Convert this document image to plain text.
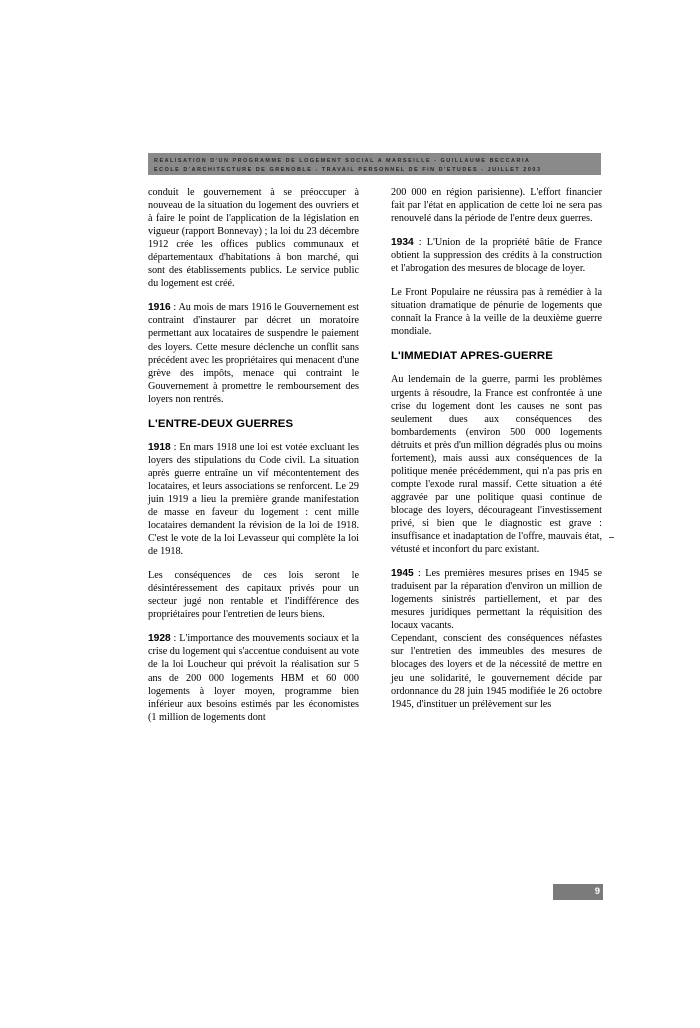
REALISATION D'UN PROGRAMME DE LOGEMENT SOCIAL A MARSEILLE - GUILLAUME BECCARIA
ECOLE D'ARCHITECTURE DE GRENOBLE - TRAVAIL PERSONNEL DE FIN D'ETUDES - JUILLET 2003

conduit le gouvernement à se préoccuper à nouveau de la situation du logement des ouvriers et à faire le point de l'application de la législation en vigueur (rapport Bonnevay) ; la loi du 23 décembre 1912 crée les offices publics communaux et départementaux d'habitations à bon marché, qui sont des établissements publics. Le service public du logement est créé.

1916 : Au mois de mars 1916 le Gouvernement est contraint d'instaurer par décret un moratoire permettant aux locataires de suspendre le paiement des loyers. Cette mesure déclenche un conflit sans précédent avec les propriétaires qui menacent d'une grève des impôts, menace qui contraint le Gouvernement à promettre le remboursement des loyers non rentrés.

L'ENTRE-DEUX GUERRES

1918 : En mars 1918 une loi est votée excluant les loyers des stipulations du Code civil. La situation après guerre entraîne un vif mécontentement des locataires, et leurs associations se renforcent. Le 29 juin 1919 a lieu la première grande manifestation de masse en faveur du logement : cent mille locataires demandent la révision de la loi de 1918. C'est le vote de la loi Levasseur qui complète la loi de 1918.

Les conséquences de ces lois seront le désintéressement des capitaux privés pour un secteur jugé non rentable et l'indifférence des propriétaires pour l'entretien de leurs biens.

1928 : L'importance des mouvements sociaux et la crise du logement qui s'accentue conduisent au vote de la loi Loucheur qui prévoit la réalisation sur 5 ans de 200 000 logements HBM et 60 000 logements à loyer moyen, programme bien inférieur aux besoins estimés par les économistes (1 million de logements dont

200 000 en région parisienne). L'effort financier fait par l'état en application de cette loi ne sera pas renouvelé dans la période de l'entre deux guerres.

1934 : L'Union de la propriété bâtie de France obtient la suppression des crédits à la construction et l'abrogation des mesures de blocage de loyer.

Le Front Populaire ne réussira pas à remédier à la situation dramatique de pénurie de logements que connaît la France à la veille de la deuxième guerre mondiale.

L'IMMEDIAT APRES-GUERRE

Au lendemain de la guerre, parmi les problèmes urgents à résoudre, la France est confrontée à une crise du logement dont les causes ne sont pas seulement dues aux conséquences des bombardements (environ 500 000 logements détruits et près d'un million dégradés plus ou moins fortement), mais aussi aux conséquences de la politique menée précédemment, qui n'a pas pris en compte l'exode rural massif. Cette situation a été aggravée par une politique quasi continue de blocage des loyers, décourageant l'investissement privé, si bien que le diagnostic est grave : insuffisance et inadaptation de l'offre, mauvais état, vétusté et inconfort du parc existant.

1945 : Les premières mesures prises en 1945 se traduisent par la réparation d'environ un million de logements sinistrés partiellement, et par des mesures juridiques permettant la réquisition des locaux vacants.

Cependant, conscient des conséquences néfastes sur l'entretien des immeubles des mesures de blocages des loyers et de la nécessité de mettre en jeu une solidarité, le gouvernement décide par ordonnance du 28 juin 1945 modifiée le 26 octobre 1945, d'instituer un prélèvement sur les

9
